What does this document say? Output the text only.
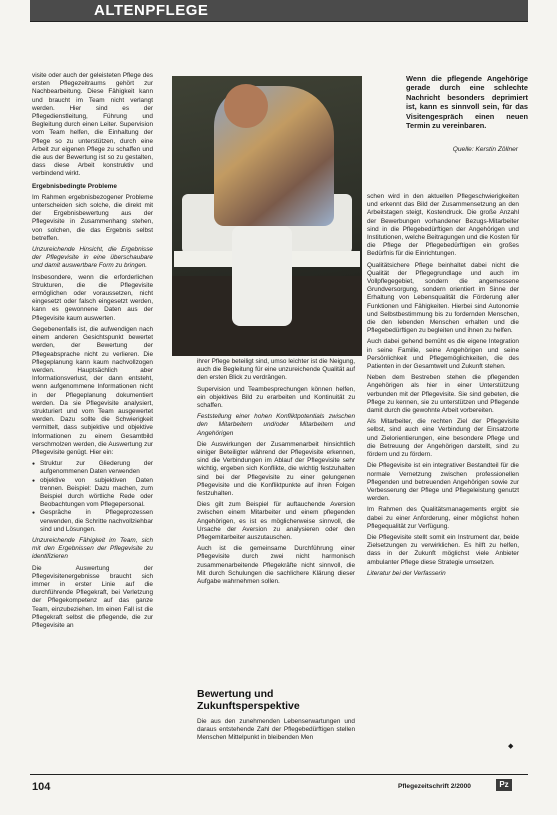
ALTENPFLEGE

visite oder auch der geleisteten Pflege des ersten Pflegezeitraums gehört zur Nachbearbeitung. Diese Fähigkeit kann und braucht im Team nicht verlangt werden. Hier sind es der Pflegedienstleitung, Führung und Begleitung durch einen Leiter. Supervision vom Team helfen, die Einhaltung der Pflege so zu unterstützen, durch eine Arbeit zur eigenen Pflege zu schaffen und die aus der Bewertung ist so zu gestalten, dass diese Arbeit konstruktiv und verbindend wirkt.

Ergebnisbedingte Probleme

Im Rahmen ergebnisbezogener Probleme unterscheiden sich solche, die direkt mit der Ergebnisbewertung aus der Pflegevisite in Zusammenhang stehen, von solchen, die das Ergebnis selbst betreffen.

Unzureichende Hinsicht, die Ergebnisse der Pflegevisite in eine überschaubare und damit auswertbare Form zu bringen.

Insbesondere, wenn die erforderlichen Strukturen, die die Pflegevisite ermöglichen oder voraussetzen, nicht eingesetzt oder falsch eingesetzt werden, kann es gewonnene Daten aus der Pflegevisite kaum auswerten.

Gegebenenfalls ist, die aufwendigen nach einem anderen Gesichtspunkt bewertet werden, der Bewertung der Pflegeabsprache nicht zu verlieren. Die Pflegeplanung kann kaum nachvollzogen werden. Hauptsächlich aber Informationsverlust, der dann entsteht, wenn aufgenommene Informationen nicht in der Pflegeplanung dokumentiert werden. Da sie Pflegevisite analysiert, strukturiert und vom Team ausgewertet werden. Dazu sollte die Schwierigkeit vermittelt, dass subjektive und objektive Informationen zu einem Gesamtbild verschmolzen werden, die Auswertung zur Pflegevisite genügt. Hier ein:

● Struktur zur Gliederung der aufgenommenen Daten verwenden
● objektive von subjektiven Daten trennen. Beispiel: Dazu machen, zum Beispiel durch wörtliche Rede oder Beobachtungen vom Pflegepersonal.
● Gespräche in Pflegeprozessen verwenden, die Schritte nachvollziehbar sind und Lösungen.

Unzureichende Fähigkeit im Team, sich mit den Ergebnissen der Pflegevisite zu identifizieren

Die Auswertung der Pflegevisitenergebnisse braucht sich immer in erster Linie auf die durchführende Pflegekraft, bei Verletzung der Pflegekompetenz auf das ganze Team, einzubeziehen. Im einen Fall ist die Pflegekraft selbst die pflegende, die zur Pflegevisite an

Wenn die pflegende Angehörige gerade durch eine schlechte Nachricht besonders deprimiert ist, kann es sinnvoll sein, für das Visitengespräch einen neuen Termin zu vereinbaren.
Quelle: Kerstin Zöllner

ihrer Pflege beteiligt sind, umso leichter ist die Neigung, auch die Begleitung für eine unzureichende Qualität auf den ersten Blick zu verdrängen.

Supervision und Teambesprechungen können helfen, ein objektives Bild zu erarbeiten und Kontinuität zu schaffen.

Feststellung einer hohen Konfliktpotentials zwischen den Mitarbeitern und/oder Mitarbeitern und Angehörigen

Die Auswirkungen der Zusammenarbeit hinsichtlich einiger Beteiligter während der Pflegevisite erkennen, sind die Verbindungen im Ablauf der Pflegevisite sehr wichtig, ergeben sich Konflikte, die wichtig festzuhalten sind bei der Pflegevisite zu einer gelungenen Pflegevisite und die Konfliktpunkte auf ihren Folgen festzuhalten.

Dies gilt zum Beispiel für auftauchende Aversion zwischen einem Mitarbeiter und einem pflegenden Angehörigen, es ist es möglicherweise sinnvoll, die Ursache der Aversion zu analysieren oder den Pflegemitarbeiter auszutauschen.

Auch ist die gemeinsame Durchführung einer Pflegevisite durch zwei nicht harmonisch zusammenarbeitende Pflegekräfte nicht sinnvoll, die Mit durch Schulungen die sachlichere Klärung dieser Aufgabe wahrnehmen sollen.

Bewertung und Zukunftsperspektive

Die aus den zunehmenden Lebenserwartungen und daraus entstehende Zahl der Pflegebedürftigen stellen Menschen Mittelpunkt in bleibenden Men

schen wird in den aktuellen Pflegeschwierigkeiten und erkennt das Bild der Zusammensetzung an den Arbeitstagen steigt, Kostendruck. Die große Anzahl der Bewerbungen vorhandener Bezugs-Mitarbeiter sind in die Pflegebedürftigen der Angehörigen und Institutionen, welche Beitragungen und die Kosten für die Pflege der Pflegebedürftigen ein großes Bedürfnis für die Einrichtungen.

Qualitätsichere Pflege beinhaltet dabei nicht die Qualität der Pflegegrundlage und auch im Vollpflegegebiet, sondern die angemessene Grundversorgung, sondern orientiert im Sinne der Erhaltung von Lebensqualität die Förderung aller Funktionen und Fähigkeiten. Hierbei sind Autonomie und Selbstbestimmung bis zu fordernden Menschen, die den lebenden Menschen erhalten und die Pflegebedürftigen zu begleiten und ihnen zu helfen.

Auch dabei gehend bemüht es die eigene Integration in seine Familie, seine Angehörigen und seine Persönlichkeit und Pflegemöglichkeiten, die des Patienten in der Gesamtwelt und Zukunft stehen.

Neben dem Bestreben stehen die pflegenden Angehörigen als hier in einer Unterstützung verbunden mit der Pflegevisite. Sie sind gebeten, die Pflege zu kennen, sie zu unterstützen und Pflegende damit durch die gewohnte Arbeit vorbereiten.

Als Mitarbeiter, die rechten Ziel der Pflegevisite selbst, sind auch eine Verbindung der Einsatzorte und Zielorientierungen, eine besondere Pflege und die Betreuung der Angehörigen darstellt, sind zu fördern und zu fördern.

Die Pflegevisite ist ein integrativer Bestandteil für die normale Vernetzung zwischen professionellen Pflegenden und betreuenden Angehörigen sowie zur Verbesserung der Pflege und Pflegeleistung genutzt werden.

Im Rahmen des Qualitätsmanagements ergibt sie dabei zu einer Anforderung, einer möglichst hohen Pflegequalität zur Verfügung.

Die Pflegevisite stellt somit ein Instrument dar, beide Zielsetzungen zu verwirklichen. Es hilft zu helfen, dass in der Zukunft möglichst viele Anbieter ambulanter Pflege diese Strategie umsetzen.

Literatur bei der Verfasserin

◆
104	Pflegezeitschrift 2/2000	Pz
